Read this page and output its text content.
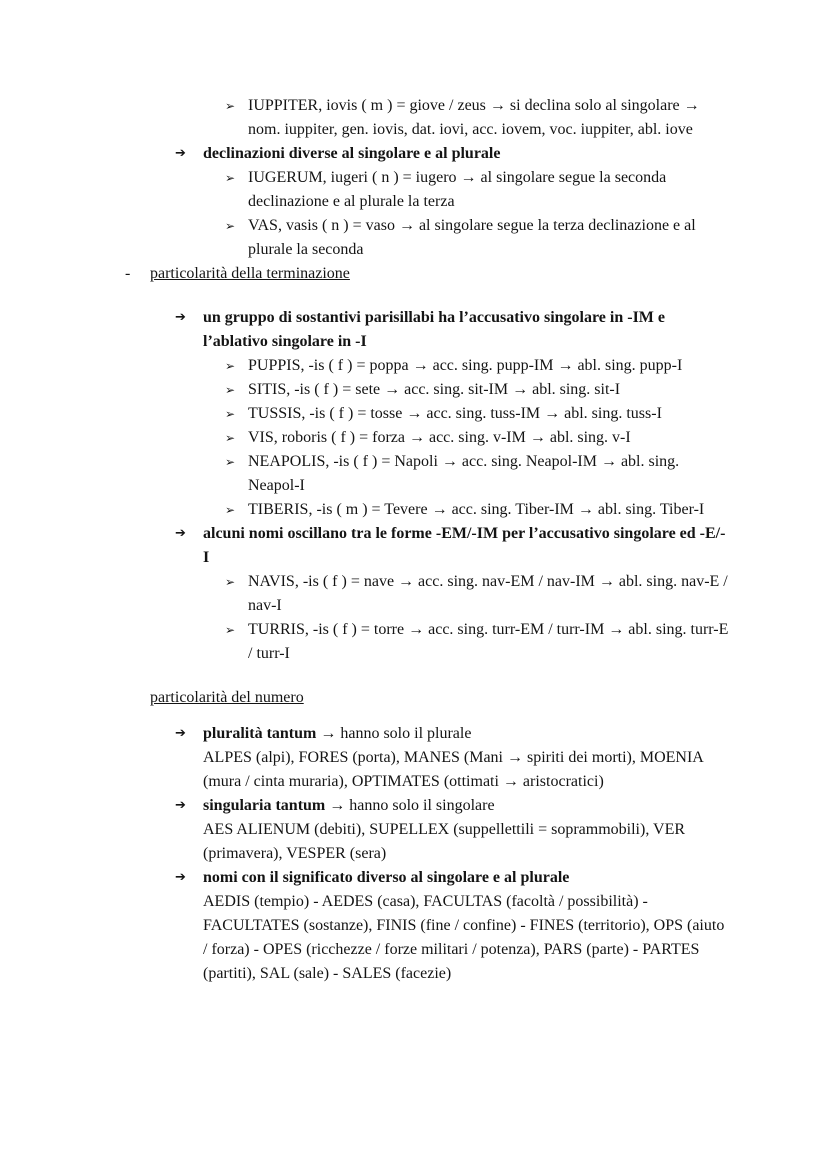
➢ IUPPITER, iovis ( m ) = giove / zeus → si declina solo al singolare → nom. iuppiter, gen. iovis, dat. iovi, acc. iovem, voc. iuppiter, abl. iove
➔	declinazioni diverse al singolare e al plurale
➢ IUGERUM, iugeri ( n ) = iugero → al singolare segue la seconda declinazione e al plurale la terza
➢ VAS, vasis ( n ) = vaso → al singolare segue la terza declinazione e al plurale la seconda
-	particolarità della terminazione
➔	un gruppo di sostantivi parisillabi ha l’accusativo singolare in -IM e l’ablativo singolare in -I
➢ PUPPIS, -is ( f ) = poppa → acc. sing. pupp-IM → abl. sing. pupp-I
➢ SITIS, -is ( f ) = sete → acc. sing. sit-IM → abl. sing. sit-I
➢ TUSSIS, -is ( f ) = tosse → acc. sing. tuss-IM → abl. sing. tuss-I
➢ VIS, roboris ( f ) = forza → acc. sing. v-IM → abl. sing. v-I
➢ NEAPOLIS, -is ( f ) = Napoli → acc. sing. Neapol-IM → abl. sing. Neapol-I
➢ TIBERIS, -is ( m ) = Tevere → acc. sing. Tiber-IM → abl. sing. Tiber-I
➔	alcuni nomi oscillano tra le forme -EM/-IM per l’accusativo singolare ed -E/-I
➢ NAVIS, -is ( f ) = nave → acc. sing. nav-EM / nav-IM → abl. sing. nav-E / nav-I
➢ TURRIS, -is ( f ) = torre → acc. sing. turr-EM / turr-IM → abl. sing. turr-E / turr-I
particolarità del numero
➔	pluralità tantum → hanno solo il plurale
ALPES (alpi), FORES (porta), MANES (Mani → spiriti dei morti), MOENIA (mura / cinta muraria), OPTIMATES (ottimati → aristocratici)
➔	singularia tantum → hanno solo il singolare
AES ALIENUM (debiti), SUPELLEX (suppellettili = soprammobili), VER (primavera), VESPER (sera)
➔	nomi con il significato diverso al singolare e al plurale
AEDIS (tempio) - AEDES (casa), FACULTAS (facoltà / possibilità) - FACULTATES (sostanze), FINIS (fine / confine) - FINES (territorio), OPS (aiuto / forza) - OPES (ricchezze / forze militari / potenza), PARS (parte) - PARTES (partiti), SAL (sale) - SALES (facezie)
